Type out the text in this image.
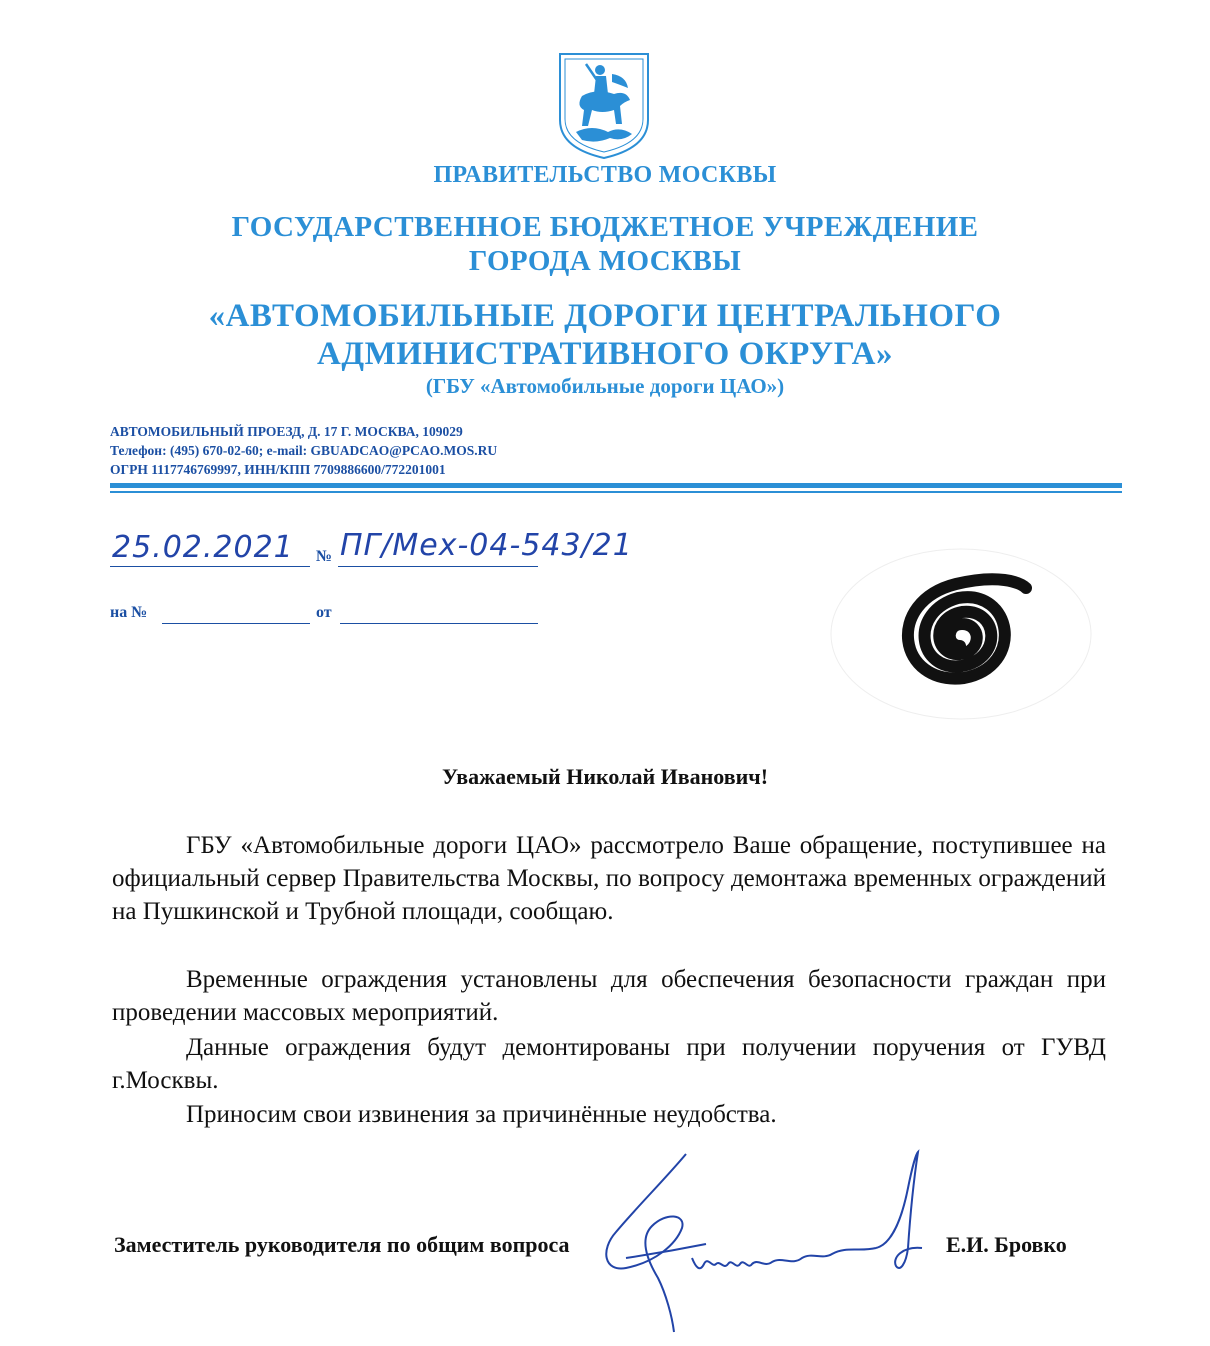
ПРАВИТЕЛЬСТВО МОСКВЫ
ГОСУДАРСТВЕННОЕ БЮДЖЕТНОЕ УЧРЕЖДЕНИЕ
ГОРОДА МОСКВЫ
«АВТОМОБИЛЬНЫЕ ДОРОГИ ЦЕНТРАЛЬНОГО
АДМИНИСТРАТИВНОГО ОКРУГА»
(ГБУ «Автомобильные дороги ЦАО»)
АВТОМОБИЛЬНЫЙ ПРОЕЗД, Д. 17 Г. МОСКВА, 109029
Телефон: (495) 670-02-60; e-mail: GBUADCAO@PCAO.MOS.RU
ОГРН 1117746769997, ИНН/КПП 7709886600/772201001
25.02.2021 № ПГ/Мех-04-543/21
на №	от
Уважаемый Николай Иванович!
ГБУ «Автомобильные дороги ЦАО» рассмотрело Ваше обращение, поступившее на официальный сервер Правительства Москвы, по вопросу демонтажа временных ограждений на Пушкинской и Трубной площади, сообщаю.
Временные ограждения установлены для обеспечения безопасности граждан при проведении массовых мероприятий.
Данные ограждения будут демонтированы при получении поручения от ГУВД г.Москвы.
Приносим свои извинения за причинённые неудобства.
Заместитель руководителя по общим вопроса	Е.И. Бровко
